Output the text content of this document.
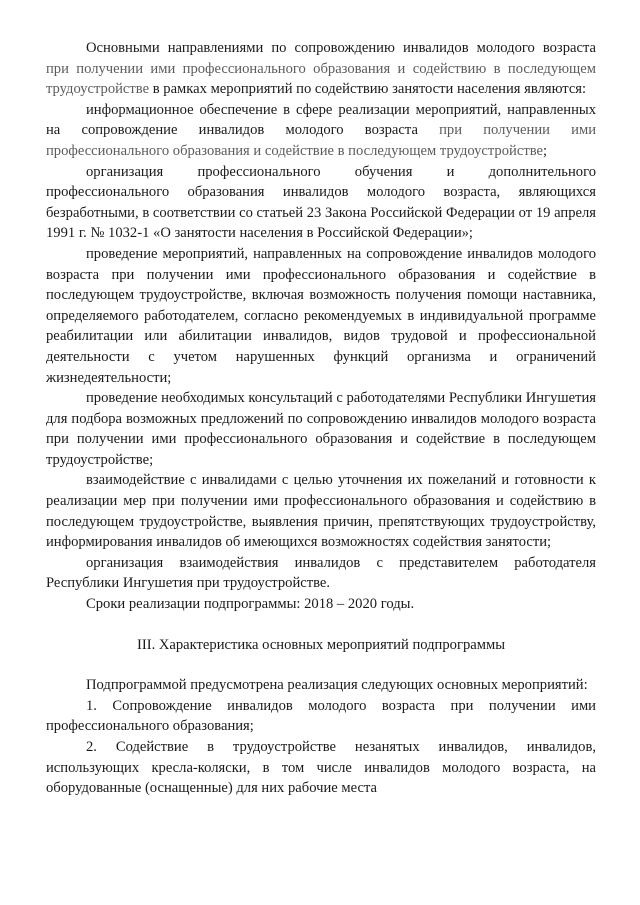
Основными направлениями по сопровождению инвалидов молодого возраста при получении ими профессионального образования и содействию в последующем трудоустройстве в рамках мероприятий по содействию занятости населения являются:

информационное обеспечение в сфере реализации мероприятий, направленных на сопровождение инвалидов молодого возраста при получении ими профессионального образования и содействие в последующем трудоустройстве;

организация профессионального обучения и дополнительного профессионального образования инвалидов молодого возраста, являющихся безработными, в соответствии со статьей 23 Закона Российской Федерации от 19 апреля 1991 г. № 1032-1 «О занятости населения в Российской Федерации»;

проведение мероприятий, направленных на сопровождение инвалидов молодого возраста при получении ими профессионального образования и содействие в последующем трудоустройстве, включая возможность получения помощи наставника, определяемого работодателем, согласно рекомендуемых в индивидуальной программе реабилитации или абилитации инвалидов, видов трудовой и профессиональной деятельности с учетом нарушенных функций организма и ограничений жизнедеятельности;

проведение необходимых консультаций с работодателями Республики Ингушетия для подбора возможных предложений по сопровождению инвалидов молодого возраста при получении ими профессионального образования и содействие в последующем трудоустройстве;

взаимодействие с инвалидами с целью уточнения их пожеланий и готовности к реализации мер при получении ими профессионального образования и содействию в последующем трудоустройстве, выявления причин, препятствующих трудоустройству, информирования инвалидов об имеющихся возможностях содействия занятости;

организация взаимодействия инвалидов с представителем работодателя Республики Ингушетия при трудоустройстве.

Сроки реализации подпрограммы: 2018 – 2020 годы.

III. Характеристика основных мероприятий подпрограммы

Подпрограммой предусмотрена реализация следующих основных мероприятий:

1. Сопровождение инвалидов молодого возраста при получении ими профессионального образования;

2. Содействие в трудоустройстве незанятых инвалидов, инвалидов, использующих кресла-коляски, в том числе инвалидов молодого возраста, на оборудованные (оснащенные) для них рабочие места
